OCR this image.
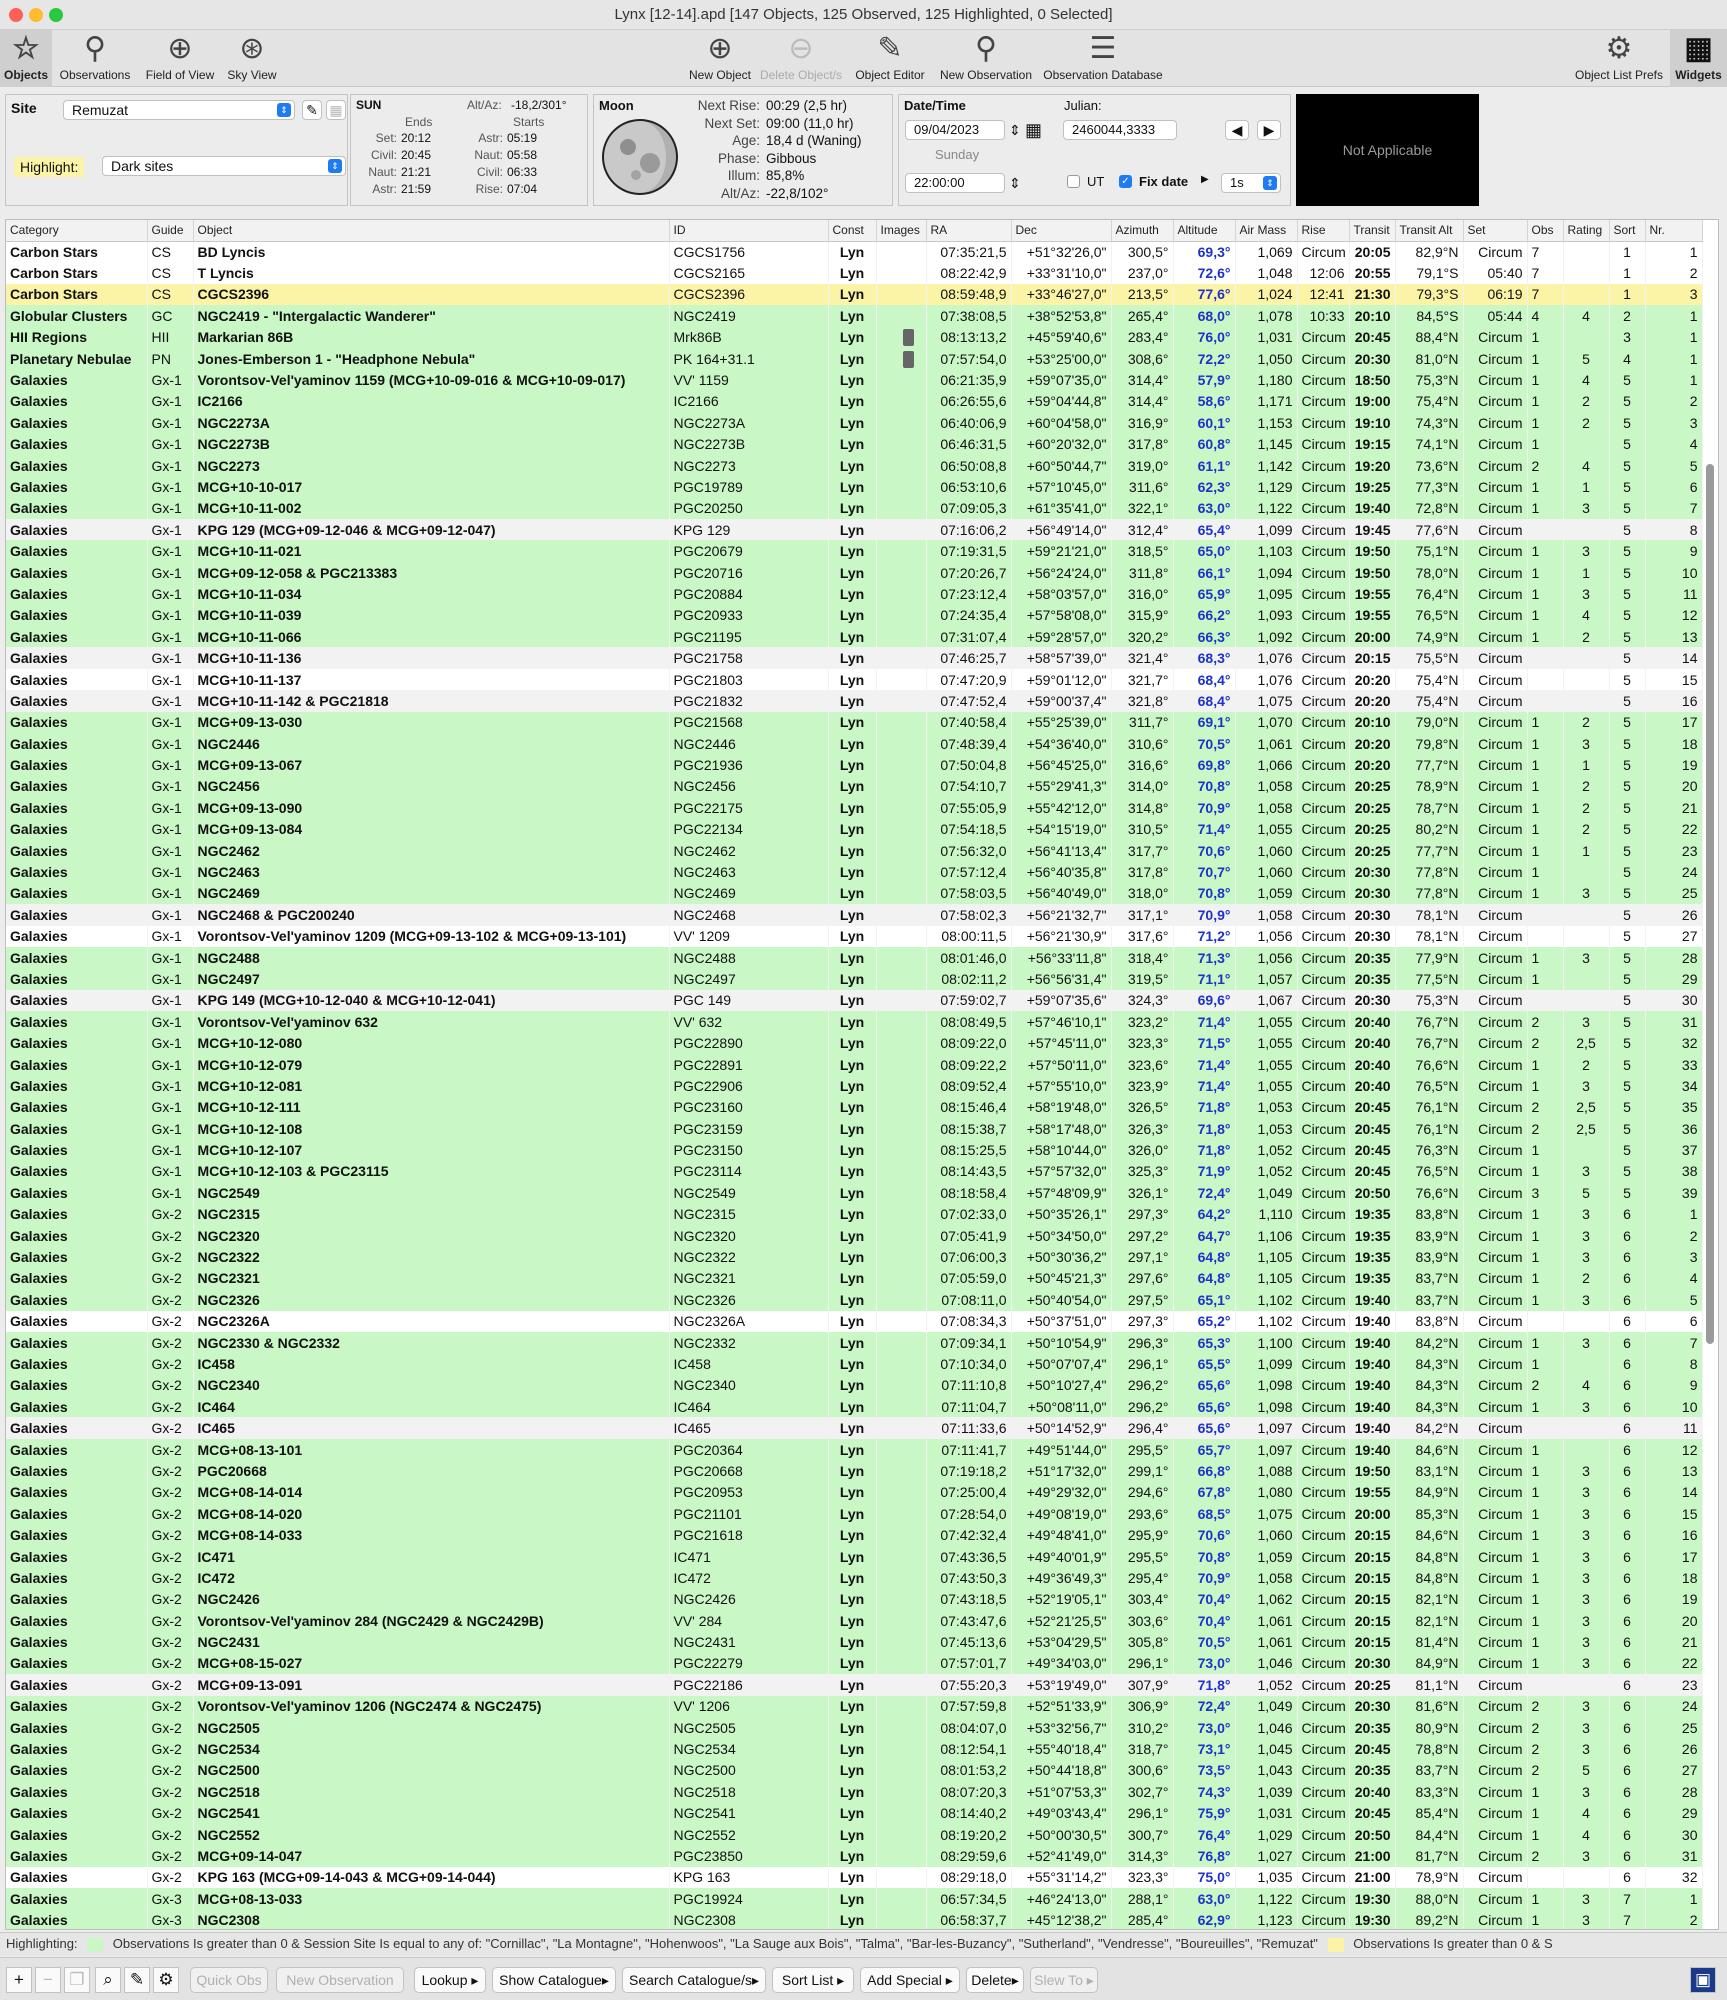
Lynx [12-14].apd [147 Objects, 125 Observed, 125 Highlighted, 0 Selected]
☆
Objects
⚲
Observations
⊕
Field of View
⊛
Sky View
⊕
New Object
⊖
Delete Object/s
✎
Object Editor
⚲
New Observation
☰
Observation Database
⚙
Object List Prefs
▦
Widgets
Site	Remuzat	⇕ ✎ ▦
Highlight:	Dark sites	⇕
SUN	Alt/Az: -18,2/301°
Ends	Starts
Set: 20:12
Civil: 20:45
Naut: 21:21
Astr: 21:59
Astr: 05:19
Naut: 05:58
Civil: 06:33
Rise: 07:04
Moon	Next Rise: 00:29 (2,5 hr)
Next Set: 09:00 (11,0 hr)
Age: 18,4 d (Waning)
Phase: Gibbous
Illum: 85,8%
Alt/Az: -22,8/102°
Date/Time	Julian:
09/04/2023	⇕ ▦	2460044,3333	◀	▶
Sunday
22:00:00	⇕	UT ✓ Fix date ▶	1s	⇕
Not Applicable
Category	Guide	Object	ID	Const	Images	RA	Dec	Azimuth	Altitude	Air Mass	Rise	Transit	Transit Alt	Set	Obs	Rating	Sort	Nr.
Carbon Stars	CS	BD Lyncis	CGCS1756	Lyn		07:35:21,5	+51°32'26,0"	300,5°	69,3°	1,069	Circum	20:05	82,9°N	Circum	7		1	1
Carbon Stars	CS	T Lyncis	CGCS2165	Lyn		08:22:42,9	+33°31'10,0"	237,0°	72,6°	1,048	12:06	20:55	79,1°S	05:40	7		1	2
Carbon Stars	CS	CGCS2396	CGCS2396	Lyn		08:59:48,9	+33°46'27,0"	213,5°	77,6°	1,024	12:41	21:30	79,3°S	06:19	7		1	3
Globular Clusters	GC	NGC2419 - "Intergalactic Wanderer"	NGC2419	Lyn		07:38:08,5	+38°52'53,8"	265,4°	68,0°	1,078	10:33	20:10	84,5°S	05:44	4	4	2	1
HII Regions	HII	Markarian 86B	Mrk86B	Lyn		08:13:13,2	+45°59'40,6"	283,4°	76,0°	1,031	Circum	20:45	88,4°N	Circum	1		3	1
Planetary Nebulae	PN	Jones-Emberson 1 - "Headphone Nebula"	PK 164+31.1	Lyn		07:57:54,0	+53°25'00,0"	308,6°	72,2°	1,050	Circum	20:30	81,0°N	Circum	1	5	4	1
Galaxies	Gx-1	Vorontsov-Vel'yaminov 1159 (MCG+10-09-016 & MCG+10-09-017)	VV' 1159	Lyn		06:21:35,9	+59°07'35,0"	314,4°	57,9°	1,180	Circum	18:50	75,3°N	Circum	1	4	5	1
Galaxies	Gx-1	IC2166	IC2166	Lyn		06:26:55,6	+59°04'44,8"	314,4°	58,6°	1,171	Circum	19:00	75,4°N	Circum	1	2	5	2
Galaxies	Gx-1	NGC2273A	NGC2273A	Lyn		06:40:06,9	+60°04'58,0"	316,9°	60,1°	1,153	Circum	19:10	74,3°N	Circum	1	2	5	3
Galaxies	Gx-1	NGC2273B	NGC2273B	Lyn		06:46:31,5	+60°20'32,0"	317,8°	60,8°	1,145	Circum	19:15	74,1°N	Circum	1		5	4
Galaxies	Gx-1	NGC2273	NGC2273	Lyn		06:50:08,8	+60°50'44,7"	319,0°	61,1°	1,142	Circum	19:20	73,6°N	Circum	2	4	5	5
Galaxies	Gx-1	MCG+10-10-017	PGC19789	Lyn		06:53:10,6	+57°10'45,0"	311,6°	62,3°	1,129	Circum	19:25	77,3°N	Circum	1	1	5	6
Galaxies	Gx-1	MCG+10-11-002	PGC20250	Lyn		07:09:05,3	+61°35'41,0"	322,1°	63,0°	1,122	Circum	19:40	72,8°N	Circum	1	3	5	7
Galaxies	Gx-1	KPG 129 (MCG+09-12-046 & MCG+09-12-047)	KPG 129	Lyn		07:16:06,2	+56°49'14,0"	312,4°	65,4°	1,099	Circum	19:45	77,6°N	Circum			5	8
Galaxies	Gx-1	MCG+10-11-021	PGC20679	Lyn		07:19:31,5	+59°21'21,0"	318,5°	65,0°	1,103	Circum	19:50	75,1°N	Circum	1	3	5	9
Galaxies	Gx-1	MCG+09-12-058 & PGC213383	PGC20716	Lyn		07:20:26,7	+56°24'24,0"	311,8°	66,1°	1,094	Circum	19:50	78,0°N	Circum	1	1	5	10
Galaxies	Gx-1	MCG+10-11-034	PGC20884	Lyn		07:23:12,4	+58°03'57,0"	316,0°	65,9°	1,095	Circum	19:55	76,4°N	Circum	1	3	5	11
Galaxies	Gx-1	MCG+10-11-039	PGC20933	Lyn		07:24:35,4	+57°58'08,0"	315,9°	66,2°	1,093	Circum	19:55	76,5°N	Circum	1	4	5	12
Galaxies	Gx-1	MCG+10-11-066	PGC21195	Lyn		07:31:07,4	+59°28'57,0"	320,2°	66,3°	1,092	Circum	20:00	74,9°N	Circum	1	2	5	13
Galaxies	Gx-1	MCG+10-11-136	PGC21758	Lyn		07:46:25,7	+58°57'39,0"	321,4°	68,3°	1,076	Circum	20:15	75,5°N	Circum			5	14
Galaxies	Gx-1	MCG+10-11-137	PGC21803	Lyn		07:47:20,9	+59°01'12,0"	321,7°	68,4°	1,076	Circum	20:20	75,4°N	Circum			5	15
Galaxies	Gx-1	MCG+10-11-142 & PGC21818	PGC21832	Lyn		07:47:52,4	+59°00'37,4"	321,8°	68,4°	1,075	Circum	20:20	75,4°N	Circum			5	16
Galaxies	Gx-1	MCG+09-13-030	PGC21568	Lyn		07:40:58,4	+55°25'39,0"	311,7°	69,1°	1,070	Circum	20:10	79,0°N	Circum	1	2	5	17
Galaxies	Gx-1	NGC2446	NGC2446	Lyn		07:48:39,4	+54°36'40,0"	310,6°	70,5°	1,061	Circum	20:20	79,8°N	Circum	1	3	5	18
Galaxies	Gx-1	MCG+09-13-067	PGC21936	Lyn		07:50:04,8	+56°45'25,0"	316,6°	69,8°	1,066	Circum	20:20	77,7°N	Circum	1	1	5	19
Galaxies	Gx-1	NGC2456	NGC2456	Lyn		07:54:10,7	+55°29'41,3"	314,0°	70,8°	1,058	Circum	20:25	78,9°N	Circum	1	2	5	20
Galaxies	Gx-1	MCG+09-13-090	PGC22175	Lyn		07:55:05,9	+55°42'12,0"	314,8°	70,9°	1,058	Circum	20:25	78,7°N	Circum	1	2	5	21
Galaxies	Gx-1	MCG+09-13-084	PGC22134	Lyn		07:54:18,5	+54°15'19,0"	310,5°	71,4°	1,055	Circum	20:25	80,2°N	Circum	1	2	5	22
Galaxies	Gx-1	NGC2462	NGC2462	Lyn		07:56:32,0	+56°41'13,4"	317,7°	70,6°	1,060	Circum	20:25	77,7°N	Circum	1	1	5	23
Galaxies	Gx-1	NGC2463	NGC2463	Lyn		07:57:12,4	+56°40'35,8"	317,8°	70,7°	1,060	Circum	20:30	77,8°N	Circum	1		5	24
Galaxies	Gx-1	NGC2469	NGC2469	Lyn		07:58:03,5	+56°40'49,0"	318,0°	70,8°	1,059	Circum	20:30	77,8°N	Circum	1	3	5	25
Galaxies	Gx-1	NGC2468 & PGC200240	NGC2468	Lyn		07:58:02,3	+56°21'32,7"	317,1°	70,9°	1,058	Circum	20:30	78,1°N	Circum			5	26
Galaxies	Gx-1	Vorontsov-Vel'yaminov 1209 (MCG+09-13-102 & MCG+09-13-101)	VV' 1209	Lyn		08:00:11,5	+56°21'30,9"	317,6°	71,2°	1,056	Circum	20:30	78,1°N	Circum			5	27
Galaxies	Gx-1	NGC2488	NGC2488	Lyn		08:01:46,0	+56°33'11,8"	318,4°	71,3°	1,056	Circum	20:35	77,9°N	Circum	1	3	5	28
Galaxies	Gx-1	NGC2497	NGC2497	Lyn		08:02:11,2	+56°56'31,4"	319,5°	71,1°	1,057	Circum	20:35	77,5°N	Circum	1		5	29
Galaxies	Gx-1	KPG 149 (MCG+10-12-040 & MCG+10-12-041)	PGC 149	Lyn		07:59:02,7	+59°07'35,6"	324,3°	69,6°	1,067	Circum	20:30	75,3°N	Circum			5	30
Galaxies	Gx-1	Vorontsov-Vel'yaminov 632	VV' 632	Lyn		08:08:49,5	+57°46'10,1"	323,2°	71,4°	1,055	Circum	20:40	76,7°N	Circum	2	3	5	31
Galaxies	Gx-1	MCG+10-12-080	PGC22890	Lyn		08:09:22,0	+57°45'11,0"	323,3°	71,5°	1,055	Circum	20:40	76,7°N	Circum	2	2,5	5	32
Galaxies	Gx-1	MCG+10-12-079	PGC22891	Lyn		08:09:22,2	+57°50'11,0"	323,6°	71,4°	1,055	Circum	20:40	76,6°N	Circum	1	2	5	33
Galaxies	Gx-1	MCG+10-12-081	PGC22906	Lyn		08:09:52,4	+57°55'10,0"	323,9°	71,4°	1,055	Circum	20:40	76,5°N	Circum	1	3	5	34
Galaxies	Gx-1	MCG+10-12-111	PGC23160	Lyn		08:15:46,4	+58°19'48,0"	326,5°	71,8°	1,053	Circum	20:45	76,1°N	Circum	2	2,5	5	35
Galaxies	Gx-1	MCG+10-12-108	PGC23159	Lyn		08:15:38,7	+58°17'48,0"	326,3°	71,8°	1,053	Circum	20:45	76,1°N	Circum	2	2,5	5	36
Galaxies	Gx-1	MCG+10-12-107	PGC23150	Lyn		08:15:25,5	+58°10'44,0"	326,0°	71,8°	1,052	Circum	20:45	76,3°N	Circum	1		5	37
Galaxies	Gx-1	MCG+10-12-103 & PGC23115	PGC23114	Lyn		08:14:43,5	+57°57'32,0"	325,3°	71,9°	1,052	Circum	20:45	76,5°N	Circum	1	3	5	38
Galaxies	Gx-1	NGC2549	NGC2549	Lyn		08:18:58,4	+57°48'09,9"	326,1°	72,4°	1,049	Circum	20:50	76,6°N	Circum	3	5	5	39
Galaxies	Gx-2	NGC2315	NGC2315	Lyn		07:02:33,0	+50°35'26,1"	297,3°	64,2°	1,110	Circum	19:35	83,8°N	Circum	1	3	6	1
Galaxies	Gx-2	NGC2320	NGC2320	Lyn		07:05:41,9	+50°34'50,0"	297,2°	64,7°	1,106	Circum	19:35	83,9°N	Circum	1	3	6	2
Galaxies	Gx-2	NGC2322	NGC2322	Lyn		07:06:00,3	+50°30'36,2"	297,1°	64,8°	1,105	Circum	19:35	83,9°N	Circum	1	3	6	3
Galaxies	Gx-2	NGC2321	NGC2321	Lyn		07:05:59,0	+50°45'21,3"	297,6°	64,8°	1,105	Circum	19:35	83,7°N	Circum	1	2	6	4
Galaxies	Gx-2	NGC2326	NGC2326	Lyn		07:08:11,0	+50°40'54,0"	297,5°	65,1°	1,102	Circum	19:40	83,7°N	Circum	1	3	6	5
Galaxies	Gx-2	NGC2326A	NGC2326A	Lyn		07:08:34,3	+50°37'51,0"	297,3°	65,2°	1,102	Circum	19:40	83,8°N	Circum			6	6
Galaxies	Gx-2	NGC2330 & NGC2332	NGC2332	Lyn		07:09:34,1	+50°10'54,9"	296,3°	65,3°	1,100	Circum	19:40	84,2°N	Circum	1	3	6	7
Galaxies	Gx-2	IC458	IC458	Lyn		07:10:34,0	+50°07'07,4"	296,1°	65,5°	1,099	Circum	19:40	84,3°N	Circum	1		6	8
Galaxies	Gx-2	NGC2340	NGC2340	Lyn		07:11:10,8	+50°10'27,4"	296,2°	65,6°	1,098	Circum	19:40	84,3°N	Circum	2	4	6	9
Galaxies	Gx-2	IC464	IC464	Lyn		07:11:04,7	+50°08'11,0"	296,2°	65,6°	1,098	Circum	19:40	84,3°N	Circum	1	3	6	10
Galaxies	Gx-2	IC465	IC465	Lyn		07:11:33,6	+50°14'52,9"	296,4°	65,6°	1,097	Circum	19:40	84,2°N	Circum			6	11
Galaxies	Gx-2	MCG+08-13-101	PGC20364	Lyn		07:11:41,7	+49°51'44,0"	295,5°	65,7°	1,097	Circum	19:40	84,6°N	Circum	1		6	12
Galaxies	Gx-2	PGC20668	PGC20668	Lyn		07:19:18,2	+51°17'32,0"	299,1°	66,8°	1,088	Circum	19:50	83,1°N	Circum	1	3	6	13
Galaxies	Gx-2	MCG+08-14-014	PGC20953	Lyn		07:25:00,4	+49°29'32,0"	294,6°	67,8°	1,080	Circum	19:55	84,9°N	Circum	1	3	6	14
Galaxies	Gx-2	MCG+08-14-020	PGC21101	Lyn		07:28:54,0	+49°08'19,0"	293,6°	68,5°	1,075	Circum	20:00	85,3°N	Circum	1	3	6	15
Galaxies	Gx-2	MCG+08-14-033	PGC21618	Lyn		07:42:32,4	+49°48'41,0"	295,9°	70,6°	1,060	Circum	20:15	84,6°N	Circum	1	3	6	16
Galaxies	Gx-2	IC471	IC471	Lyn		07:43:36,5	+49°40'01,9"	295,5°	70,8°	1,059	Circum	20:15	84,8°N	Circum	1	3	6	17
Galaxies	Gx-2	IC472	IC472	Lyn		07:43:50,3	+49°36'49,3"	295,4°	70,9°	1,058	Circum	20:15	84,8°N	Circum	1	3	6	18
Galaxies	Gx-2	NGC2426	NGC2426	Lyn		07:43:18,5	+52°19'05,1"	303,4°	70,4°	1,062	Circum	20:15	82,1°N	Circum	1	3	6	19
Galaxies	Gx-2	Vorontsov-Vel'yaminov 284 (NGC2429 & NGC2429B)	VV' 284	Lyn		07:43:47,6	+52°21'25,5"	303,6°	70,4°	1,061	Circum	20:15	82,1°N	Circum	1	3	6	20
Galaxies	Gx-2	NGC2431	NGC2431	Lyn		07:45:13,6	+53°04'29,5"	305,8°	70,5°	1,061	Circum	20:15	81,4°N	Circum	1	3	6	21
Galaxies	Gx-2	MCG+08-15-027	PGC22279	Lyn		07:57:01,7	+49°34'03,0"	296,1°	73,0°	1,046	Circum	20:30	84,9°N	Circum	1	3	6	22
Galaxies	Gx-2	MCG+09-13-091	PGC22186	Lyn		07:55:20,3	+53°19'49,0"	307,9°	71,8°	1,052	Circum	20:25	81,1°N	Circum			6	23
Galaxies	Gx-2	Vorontsov-Vel'yaminov 1206 (NGC2474 & NGC2475)	VV' 1206	Lyn		07:57:59,8	+52°51'33,9"	306,9°	72,4°	1,049	Circum	20:30	81,6°N	Circum	2	3	6	24
Galaxies	Gx-2	NGC2505	NGC2505	Lyn		08:04:07,0	+53°32'56,7"	310,2°	73,0°	1,046	Circum	20:35	80,9°N	Circum	2	3	6	25
Galaxies	Gx-2	NGC2534	NGC2534	Lyn		08:12:54,1	+55°40'18,4"	318,7°	73,1°	1,045	Circum	20:45	78,8°N	Circum	2	3	6	26
Galaxies	Gx-2	NGC2500	NGC2500	Lyn		08:01:53,2	+50°44'18,8"	300,6°	73,5°	1,043	Circum	20:35	83,7°N	Circum	2	5	6	27
Galaxies	Gx-2	NGC2518	NGC2518	Lyn		08:07:20,3	+51°07'53,3"	302,7°	74,3°	1,039	Circum	20:40	83,3°N	Circum	1	3	6	28
Galaxies	Gx-2	NGC2541	NGC2541	Lyn		08:14:40,2	+49°03'43,4"	296,1°	75,9°	1,031	Circum	20:45	85,4°N	Circum	1	4	6	29
Galaxies	Gx-2	NGC2552	NGC2552	Lyn		08:19:20,2	+50°00'30,5"	300,7°	76,4°	1,029	Circum	20:50	84,4°N	Circum	1	4	6	30
Galaxies	Gx-2	MCG+09-14-047	PGC23850	Lyn		08:29:59,6	+52°41'49,0"	314,3°	76,8°	1,027	Circum	21:00	81,7°N	Circum	2	3	6	31
Galaxies	Gx-2	KPG 163 (MCG+09-14-043 & MCG+09-14-044)	KPG 163	Lyn		08:29:18,0	+55°31'14,2"	323,3°	75,0°	1,035	Circum	21:00	78,9°N	Circum			6	32
Galaxies	Gx-3	MCG+08-13-033	PGC19924	Lyn		06:57:34,5	+46°24'13,0"	288,1°	63,0°	1,122	Circum	19:30	88,0°N	Circum	1	3	7	1
Galaxies	Gx-3	NGC2308	NGC2308	Lyn		06:58:37,7	+45°12'38,2"	285,4°	62,9°	1,123	Circum	19:30	89,2°N	Circum	1	3	7	2
Highlighting:	Observations Is greater than 0 & Session Site Is equal to any of: "Cornillac", "La Montagne", "Hohenwoos", "La Sauge aux Bois", "Talma", "Bar-les-Buzancy", "Sutherland", "Vendresse", "Boureuilles", "Remuzat"	Observations Is greater than 0 & S
+	− ❐	⌕	✎ ⚙	Quick Obs	New Observation	Lookup ▸	Show Catalogue▸	Search Catalogue/s▸	Sort List ▸	Add Special ▸	Delete▸	Slew To ▸	▣
